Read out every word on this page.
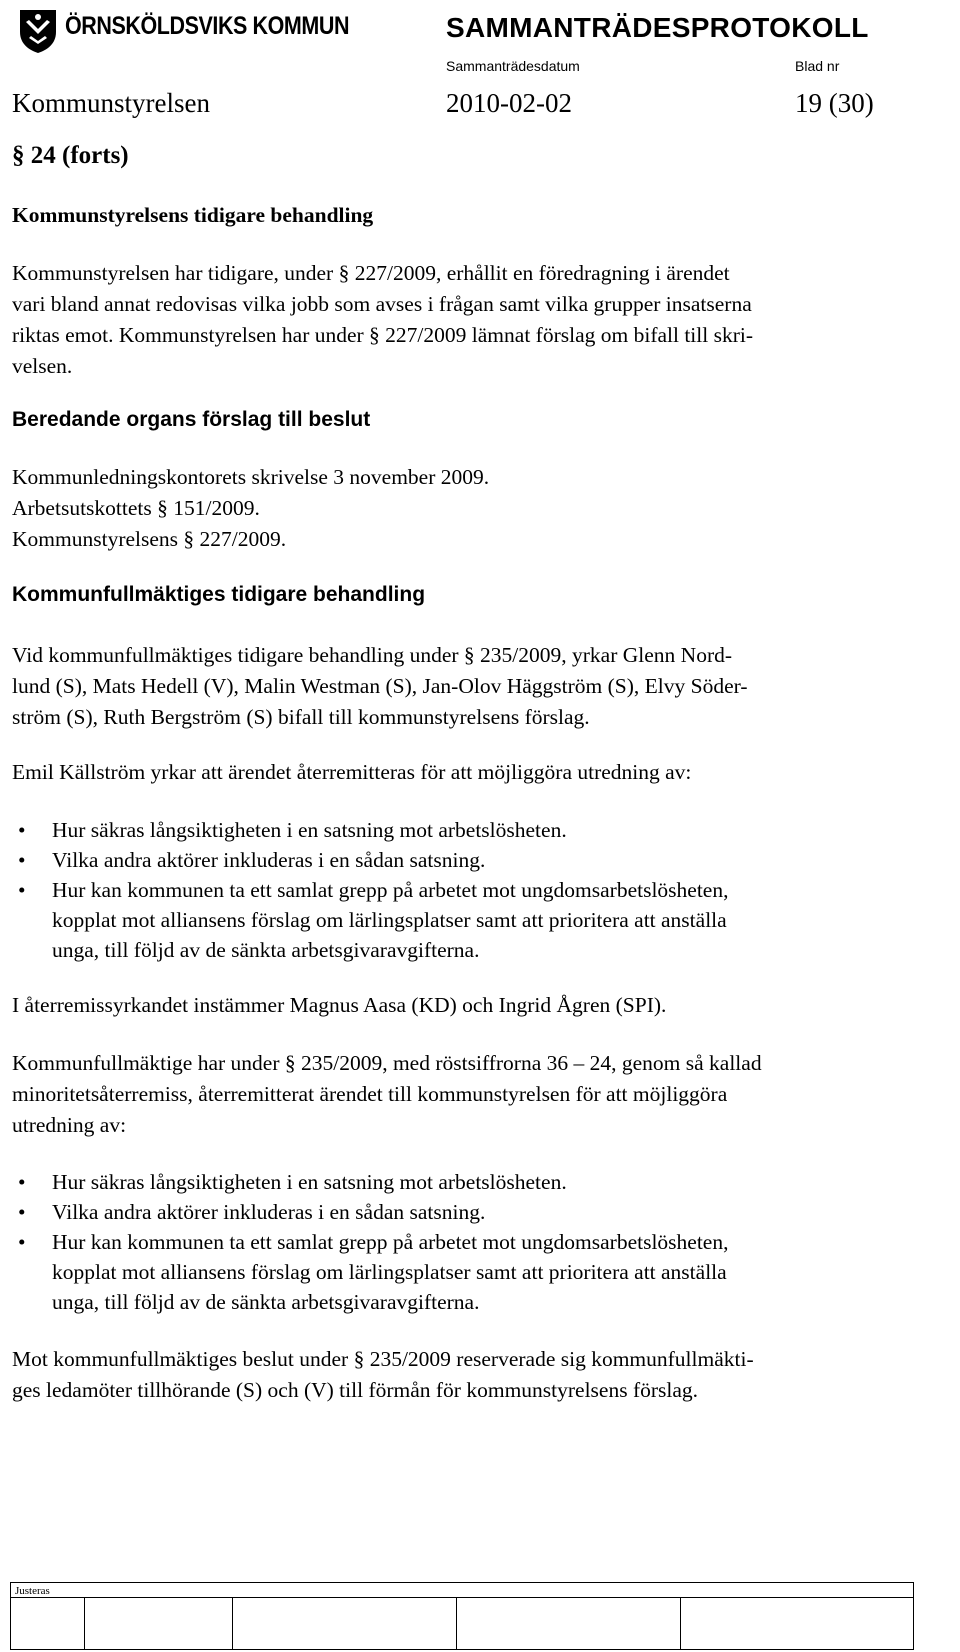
ÖRNSKÖLDSVIKS KOMMUN	SAMMANTRÄDESPROTOKOLL
Sammanträdesdatum	Blad nr
Kommunstyrelsen	2010-02-02	19 (30)
§ 24 (forts)
Kommunstyrelsens tidigare behandling
Kommunstyrelsen har tidigare, under § 227/2009, erhållit en föredragning i ärendet
vari bland annat redovisas vilka jobb som avses i frågan samt vilka grupper insatserna
riktas emot. Kommunstyrelsen har under § 227/2009 lämnat förslag om bifall till skri-
velsen.
Beredande organs förslag till beslut
Kommunledningskontorets skrivelse 3 november 2009.
Arbetsutskottets § 151/2009.
Kommunstyrelsens § 227/2009.
Kommunfullmäktiges tidigare behandling
Vid kommunfullmäktiges tidigare behandling under § 235/2009, yrkar Glenn Nord-
lund (S), Mats Hedell (V), Malin Westman (S), Jan-Olov Häggström (S), Elvy Söder-
ström (S), Ruth Bergström (S) bifall till kommunstyrelsens förslag.
Emil Källström yrkar att ärendet återremitteras för att möjliggöra utredning av:
• Hur säkras långsiktigheten i en satsning mot arbetslösheten.
• Vilka andra aktörer inkluderas i en sådan satsning.
• Hur kan kommunen ta ett samlat grepp på arbetet mot ungdomsarbetslösheten,
kopplat mot alliansens förslag om lärlingsplatser samt att prioritera att anställa
unga, till följd av de sänkta arbetsgivaravgifterna.
I återremissyrkandet instämmer Magnus Aasa (KD) och Ingrid Ågren (SPI).
Kommunfullmäktige har under § 235/2009, med röstsiffrorna 36 – 24, genom så kallad
minoritetsåterremiss, återremitterat ärendet till kommunstyrelsen för att möjliggöra
utredning av:
• Hur säkras långsiktigheten i en satsning mot arbetslösheten.
• Vilka andra aktörer inkluderas i en sådan satsning.
• Hur kan kommunen ta ett samlat grepp på arbetet mot ungdomsarbetslösheten,
kopplat mot alliansens förslag om lärlingsplatser samt att prioritera att anställa
unga, till följd av de sänkta arbetsgivaravgifterna.
Mot kommunfullmäktiges beslut under § 235/2009 reserverade sig kommunfullmäkti-
ges ledamöter tillhörande (S) och (V) till förmån för kommunstyrelsens förslag.
Justeras
